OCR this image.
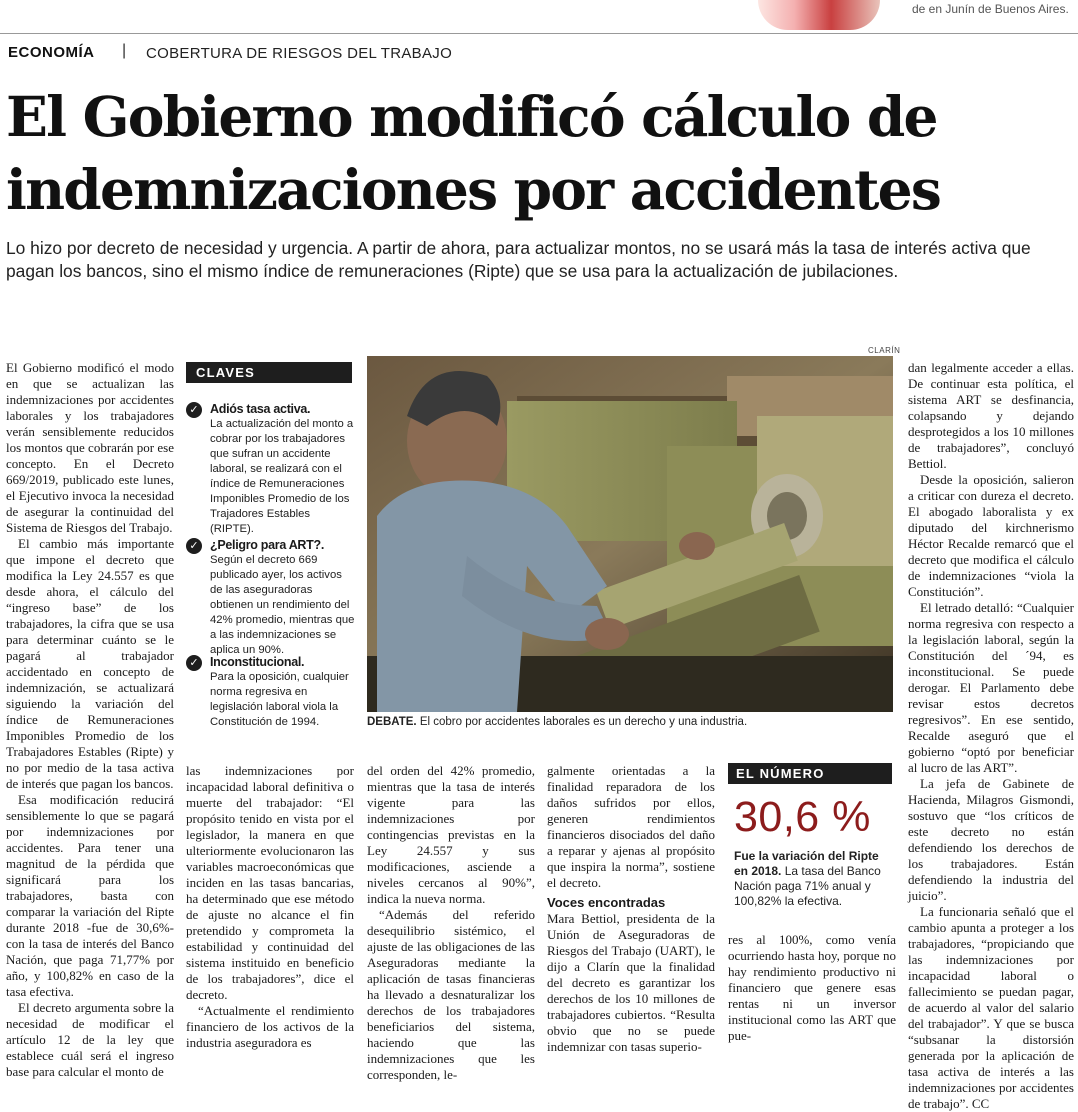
de en Junín de Buenos Aires.
ECONOMÍA | COBERTURA DE RIESGOS DEL TRABAJO
El Gobierno modificó cálculo de
indemnizaciones por accidentes
Lo hizo por decreto de necesidad y urgencia. A partir de ahora, para actualizar montos, no se usará más la tasa de interés activa que pagan los bancos, sino el mismo índice de remuneraciones (Ripte) que se usa para la actualización de jubilaciones.

El Gobierno modificó el modo en que se actualizan las indemnizaciones por accidentes laborales y los trabajadores verán sensiblemente reducidos los montos que cobrarán por ese concepto. En el Decreto 669/2019, publicado este lunes, el Ejecutivo invoca la necesidad de asegurar la continuidad del Sistema de Riesgos del Trabajo.

El cambio más importante que impone el decreto que modifica la Ley 24.557 es que desde ahora, el cálculo del “ingreso base” de los trabajadores, la cifra que se usa para determinar cuánto se le pagará al trabajador accidentado en concepto de indemnización, se actualizará siguiendo la variación del índice de Remuneraciones Imponibles Promedio de los Trabajadores Estables (Ripte) y no por medio de la tasa activa de interés que pagan los bancos.

Esa modificación reducirá sensiblemente lo que se pagará por indemnizaciones por accidentes. Para tener una magnitud de la pérdida que significará para los trabajadores, basta con comparar la variación del Ripte durante 2018 -fue de 30,6%- con la tasa de interés del Banco Nación, que paga 71,77% por año, y 100,82% en caso de la tasa efectiva.

El decreto argumenta sobre la necesidad de modificar el artículo 12 de la ley que establece cuál será el ingreso base para calcular el monto de

CLAVES
✓ Adiós tasa activa.
La actualización del monto a cobrar por los trabajadores que sufran un accidente laboral, se realizará con el índice de Remuneraciones Imponibles Promedio de los Trajadores Estables (RIPTE).
✓ ¿Peligro para ART?.
Según el decreto 669 publicado ayer, los activos de las aseguradoras obtienen un rendimiento del 42% promedio, mientras que a las indemnizaciones se aplica un 90%.
✓ Inconstitucional.
Para la oposición, cualquier norma regresiva en legislación laboral viola la Constitución de 1994.
CLARÍN
DEBATE. El cobro por accidentes laborales es un derecho y una industria.

las indemnizaciones por incapacidad laboral definitiva o muerte del trabajador: “El propósito tenido en vista por el legislador, la manera en que ulteriormente evolucionaron las variables macroeconómicas que inciden en las tasas bancarias, ha determinado que ese método de ajuste no alcance el fin pretendido y comprometa la estabilidad y continuidad del sistema instituido en beneficio de los trabajadores”, dice el decreto.

“Actualmente el rendimiento financiero de los activos de la industria aseguradora es

del orden del 42% promedio, mientras que la tasa de interés vigente para las indemnizaciones por contingencias previstas en la Ley 24.557 y sus modificaciones, asciende a niveles cercanos al 90%”, indica la nueva norma.

“Además del referido desequilibrio sistémico, el ajuste de las obligaciones de las Aseguradoras mediante la aplicación de tasas financieras ha llevado a desnaturalizar los derechos de los trabajadores beneficiarios del sistema, haciendo que las indemnizaciones que les corresponden, le-

galmente orientadas a la finalidad reparadora de los daños sufridos por ellos, generen rendimientos financieros disociados del daño a reparar y ajenas al propósito que inspira la norma”, sostiene el decreto.

Voces encontradas

Mara Bettiol, presidenta de la Unión de Aseguradoras de Riesgos del Trabajo (UART), le dijo a Clarín que la finalidad del decreto es garantizar los derechos de los 10 millones de trabajadores cubiertos. “Resulta obvio que no se puede indemnizar con tasas superio-

EL NÚMERO
30,6 %
Fue la variación del Ripte en 2018. La tasa del Banco Nación paga 71% anual y 100,82% la efectiva.

res al 100%, como venía ocurriendo hasta hoy, porque no hay rendimiento productivo ni financiero que genere esas rentas ni un inversor institucional como las ART que pue-

dan legalmente acceder a ellas. De continuar esta política, el sistema ART se desfinancia, colapsando y dejando desprotegidos a los 10 millones de trabajadores”, concluyó Bettiol.

Desde la oposición, salieron a criticar con dureza el decreto. El abogado laboralista y ex diputado del kirchnerismo Héctor Recalde remarcó que el decreto que modifica el cálculo de indemnizaciones “viola la Constitución”.

El letrado detalló: “Cualquier norma regresiva con respecto a la legislación laboral, según la Constitución del ´94, es inconstitucional. Se puede derogar. El Parlamento debe revisar estos decretos regresivos”. En ese sentido, Recalde aseguró que el gobierno “optó por beneficiar al lucro de las ART”.

La jefa de Gabinete de Hacienda, Milagros Gismondi, sostuvo que “los críticos de este decreto no están defendiendo los derechos de los trabajadores. Están defendiendo la industria del juicio”.

La funcionaria señaló que el cambio apunta a proteger a los trabajadores, “propiciando que las indemnizaciones por incapacidad laboral o fallecimiento se puedan pagar, de acuerdo al valor del salario del trabajador”. Y que se busca “subsanar la distorsión generada por la aplicación de tasa activa de interés a las indemnizaciones por accidentes de trabajo”. CC
